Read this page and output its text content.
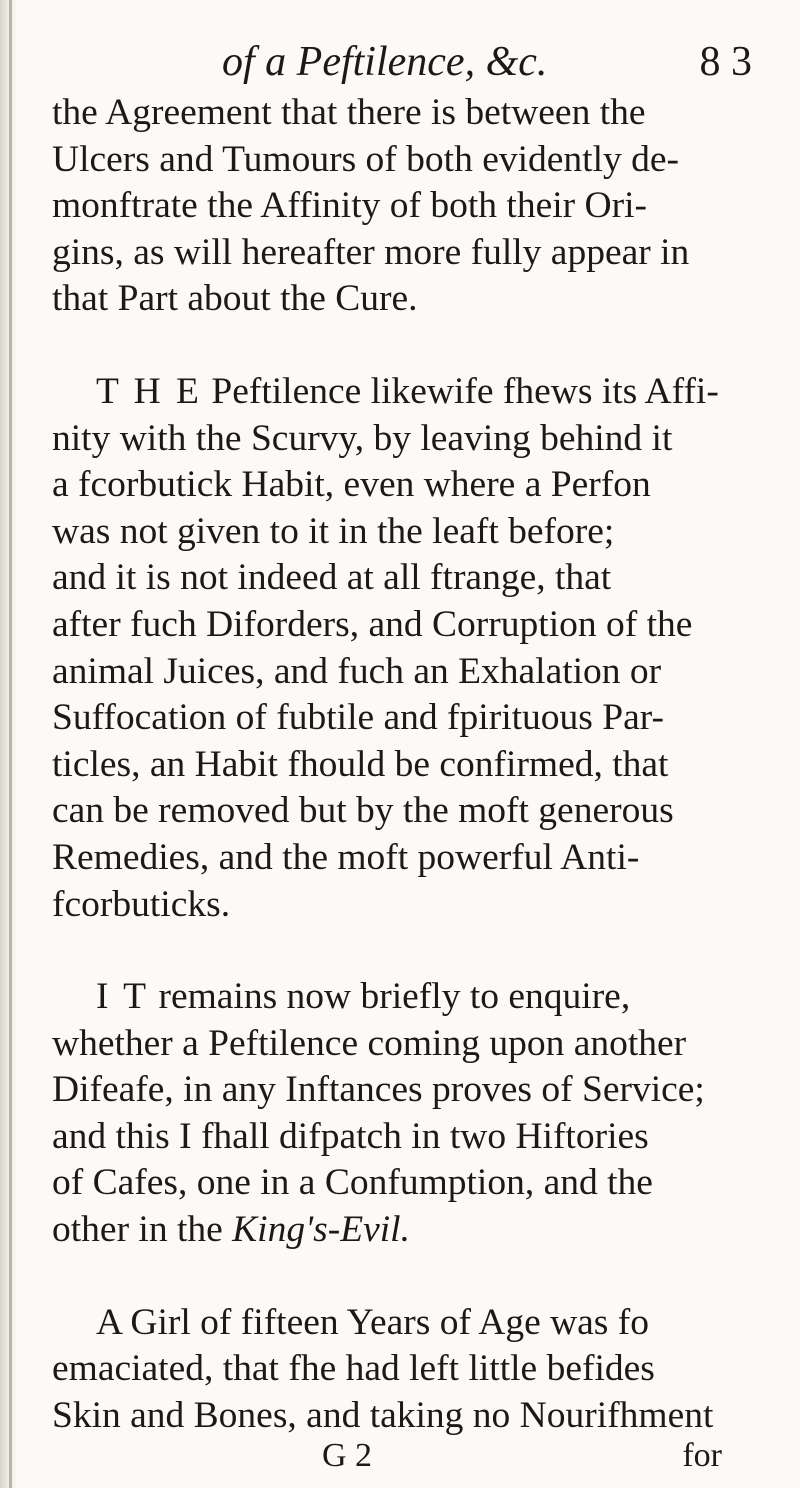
of a Peftilence, &c.	8 3

the Agreement that there is between the
Ulcers and Tumours of both evidently de-
monftrate the Affinity of both their Ori-
gins, as will hereafter more fully appear in
that Part about the Cure.

T H E Peftilence likewife fhews its Affi-
nity with the Scurvy, by leaving behind it
a fcorbutick Habit, even where a Perfon
was not given to it in the leaft before;
and it is not indeed at all ftrange, that
after fuch Diforders, and Corruption of the
animal Juices, and fuch an Exhalation or
Suffocation of fubtile and fpirituous Par-
ticles, an Habit fhould be confirmed, that
can be removed but by the moft generous
Remedies, and the moft powerful Anti-
fcorbuticks.

I T remains now briefly to enquire,
whether a Peftilence coming upon another
Difeafe, in any Inftances proves of Service;
and this I fhall difpatch in two Hiftories
of Cafes, one in a Confumption, and the
other in the King's-Evil.

A Girl of fifteen Years of Age was fo
emaciated, that fhe had left little befides
Skin and Bones, and taking no Nourifhment

G 2	for
